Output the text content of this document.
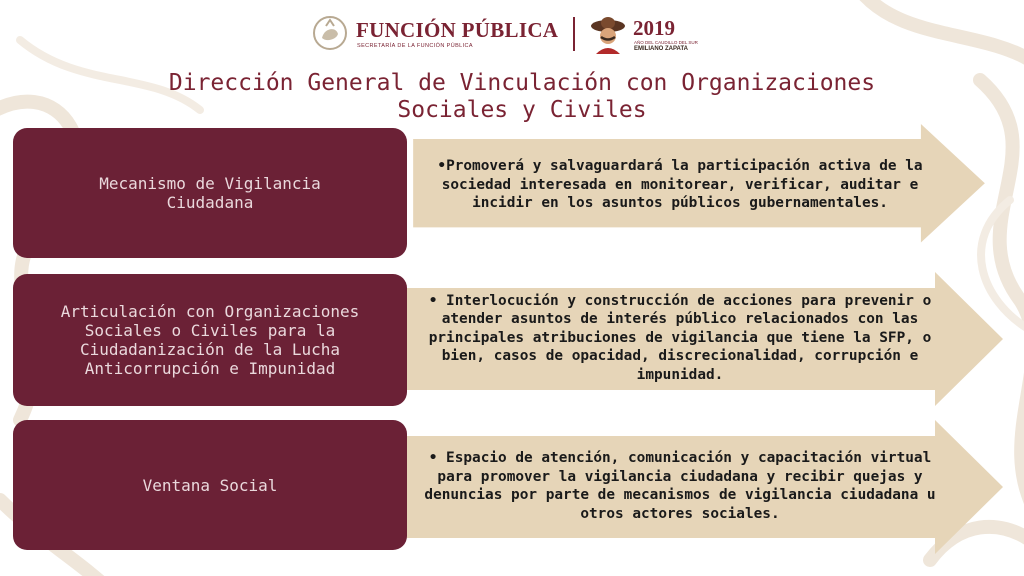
FUNCIÓN PÚBLICA
SECRETARÍA DE LA FUNCIÓN PÚBLICA
2019
AÑO DEL CAUDILLO DEL SUR
EMILIANO ZAPATA
Dirección General de Vinculación con Organizaciones Sociales y Civiles
Mecanismo de Vigilancia Ciudadana
•Promoverá y salvaguardará la participación activa de la sociedad interesada en monitorear, verificar, auditar e incidir en los asuntos públicos gubernamentales.
Articulación con Organizaciones Sociales o Civiles para la Ciudadanización de la Lucha Anticorrupción e Impunidad
• Interlocución y construcción de acciones para prevenir o atender asuntos de interés público relacionados con las principales atribuciones de vigilancia que tiene la SFP, o bien, casos de opacidad, discrecionalidad, corrupción e impunidad.
Ventana Social
• Espacio de atención, comunicación y capacitación virtual para promover la vigilancia ciudadana y recibir quejas y denuncias por parte de mecanismos de vigilancia ciudadana u otros actores sociales.
